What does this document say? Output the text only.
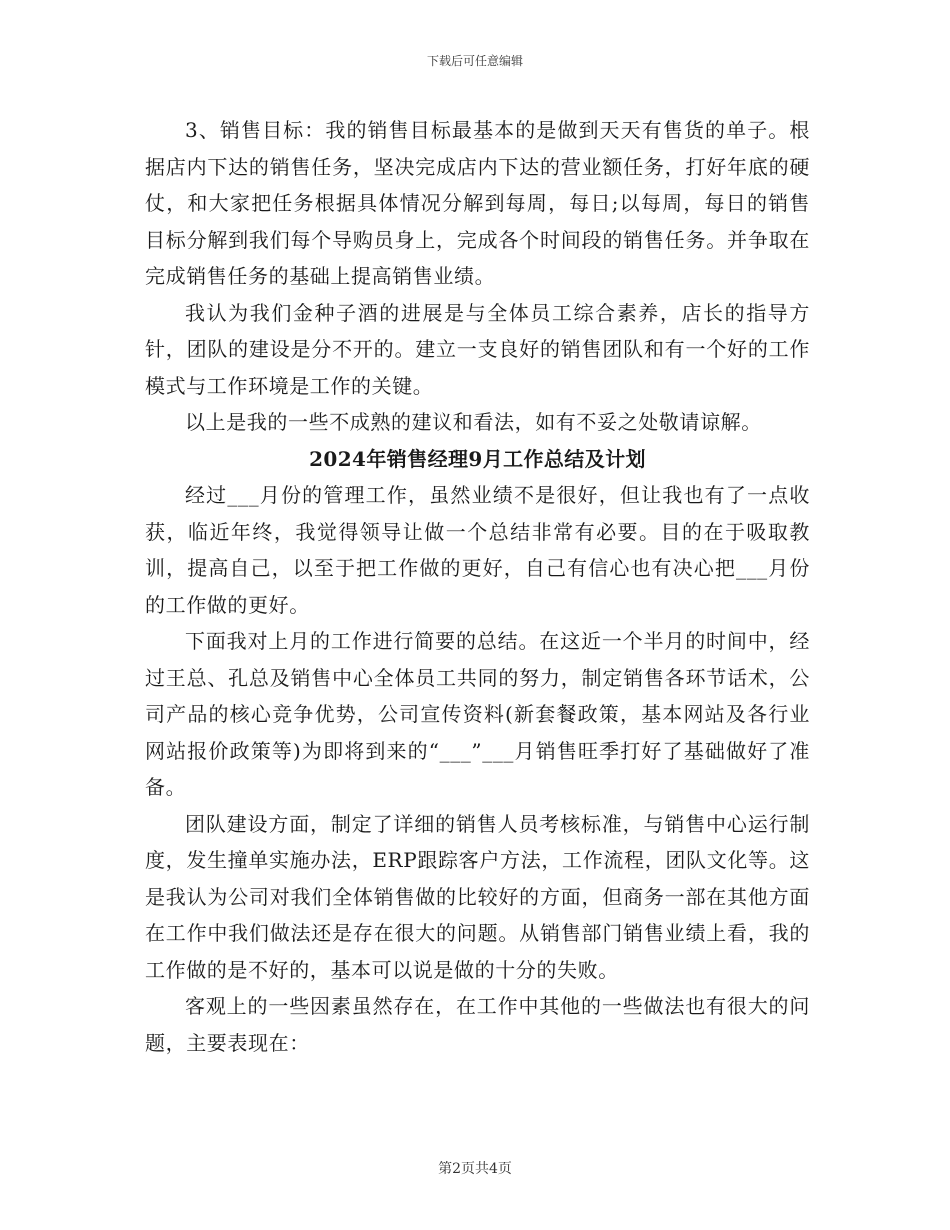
下载后可任意编辑

3、销售目标：我的销售目标最基本的是做到天天有售货的单子。根据店内下达的销售任务，坚决完成店内下达的营业额任务，打好年底的硬仗，和大家把任务根据具体情况分解到每周，每日;以每周，每日的销售目标分解到我们每个导购员身上，完成各个时间段的销售任务。并争取在完成销售任务的基础上提高销售业绩。

我认为我们金种子酒的进展是与全体员工综合素养，店长的指导方针，团队的建设是分不开的。建立一支良好的销售团队和有一个好的工作模式与工作环境是工作的关键。

以上是我的一些不成熟的建议和看法，如有不妥之处敬请谅解。

2024年销售经理9月工作总结及计划

经过___月份的管理工作，虽然业绩不是很好，但让我也有了一点收获，临近年终，我觉得领导让做一个总结非常有必要。目的在于吸取教训，提高自己，以至于把工作做的更好，自己有信心也有决心把___月份的工作做的更好。

下面我对上月的工作进行简要的总结。在这近一个半月的时间中，经过王总、孔总及销售中心全体员工共同的努力，制定销售各环节话术，公司产品的核心竞争优势，公司宣传资料(新套餐政策，基本网站及各行业网站报价政策等)为即将到来的“___”___月销售旺季打好了基础做好了准备。

团队建设方面，制定了详细的销售人员考核标准，与销售中心运行制度，发生撞单实施办法，ERP跟踪客户方法，工作流程，团队文化等。这是我认为公司对我们全体销售做的比较好的方面，但商务一部在其他方面在工作中我们做法还是存在很大的问题。从销售部门销售业绩上看，我的工作做的是不好的，基本可以说是做的十分的失败。

客观上的一些因素虽然存在，在工作中其他的一些做法也有很大的问题，主要表现在：

第2页共4页
